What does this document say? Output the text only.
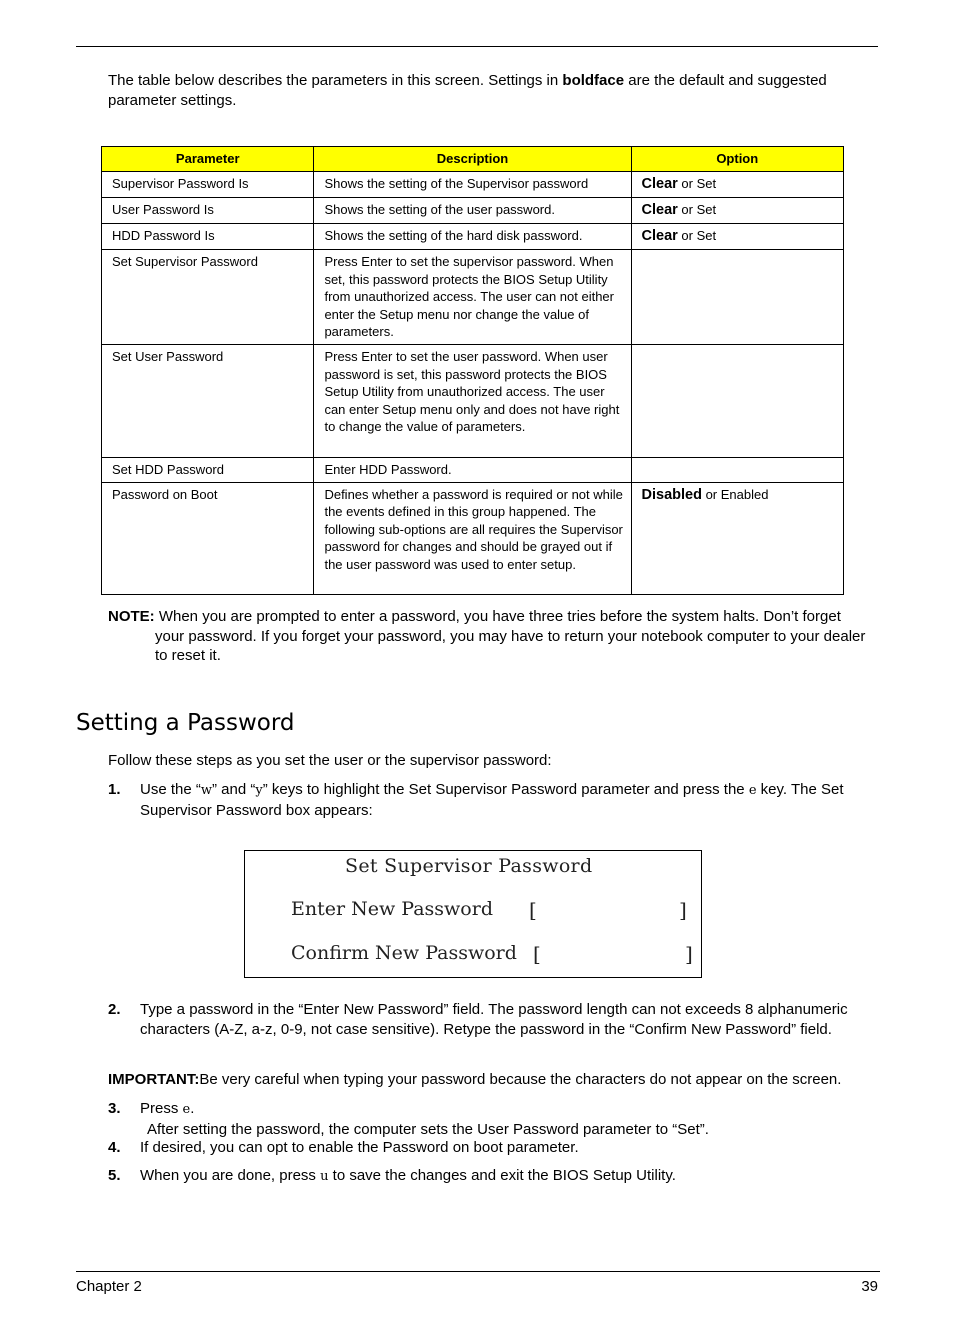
The table below describes the parameters in this screen. Settings in boldface are the default and suggested parameter settings.

Parameter	Description	Option
Supervisor Password Is	Shows the setting of the Supervisor password	Clear or Set
User Password Is	Shows the setting of the user password.	Clear or Set
HDD Password Is	Shows the setting of the hard disk password.	Clear or Set
Set Supervisor Password	Press Enter to set the supervisor password. When set, this password protects the BIOS Setup Utility from unauthorized access. The user can not either enter the Setup menu nor change the value of parameters.	
Set User Password	Press Enter to set the user password. When user password is set, this password protects the BIOS Setup Utility from unauthorized access. The user can enter Setup menu only and does not have right to change the value of parameters.	
Set HDD Password	Enter HDD Password.	
Password on Boot	Defines whether a password is required or not while the events defined in this group happened. The following sub-options are all requires the Supervisor password for changes and should be grayed out if the user password was used to enter setup.	Disabled or Enabled
NOTE: When you are prompted to enter a password, you have three tries before the system halts. Don’t forget
your password. If you forget your password, you may have to return your notebook computer to your dealer to reset it.
Setting a Password
Follow these steps as you set the user or the supervisor password:
1. Use the “w” and “y” keys to highlight the Set Supervisor Password parameter and press the e key. The Set Supervisor Password box appears:
Set Supervisor Password
Enter New Password [	]
Confirm New Password [	]
2. Type a password in the “Enter New Password” field. The password length can not exceeds 8 alphanumeric characters (A-Z, a-z, 0-9, not case sensitive). Retype the password in the “Confirm New Password” field.
IMPORTANT:Be very careful when typing your password because the characters do not appear on the screen.
3. Press e.
After setting the password, the computer sets the User Password parameter to “Set”.
4. If desired, you can opt to enable the Password on boot parameter.
5. When you are done, press u to save the changes and exit the BIOS Setup Utility.
Chapter 2	39
